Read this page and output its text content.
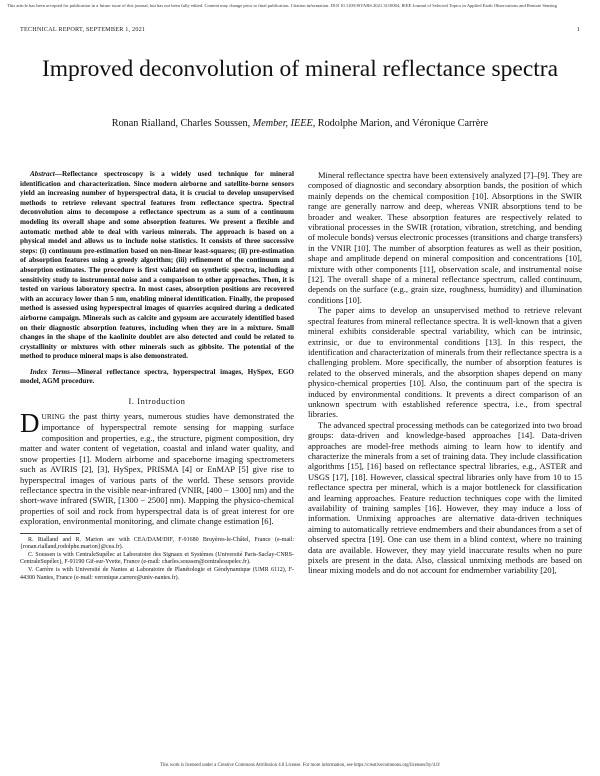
This article has been accepted for publication in a future issue of this journal, but has not been fully edited. Content may change prior to final publication. Citation information: DOI 10.1109/JSTARS.2021.3110004, IEEE Journal of Selected Topics in Applied Earth Observations and Remote Sensing
TECHNICAL REPORT, SEPTEMBER 1, 2021	1
Improved deconvolution of mineral reflectance spectra
Ronan Rialland, Charles Soussen, Member, IEEE, Rodolphe Marion, and Véronique Carrère

Abstract—Reflectance spectroscopy is a widely used technique for mineral identification and characterization. Since modern airborne and satellite-borne sensors yield an increasing number of hyperspectral data, it is crucial to develop unsupervised methods to retrieve relevant spectral features from reflectance spectra. Spectral deconvolution aims to decompose a reflectance spectrum as a sum of a continuum modeling its overall shape and some absorption features. We present a flexible and automatic method able to deal with various minerals. The approach is based on a physical model and allows us to include noise statistics. It consists of three successive steps: (i) continuum pre-estimation based on non-linear least-squares; (ii) pre-estimation of absorption features using a greedy algorithm; (iii) refinement of the continuum and absorption estimates. The procedure is first validated on synthetic spectra, including a sensitivity study to instrumental noise and a comparison to other approaches. Then, it is tested on various laboratory spectra. In most cases, absorption positions are recovered with an accuracy lower than 5 nm, enabling mineral identification. Finally, the proposed method is assessed using hyperspectral images of quarries acquired during a dedicated airborne campaign. Minerals such as calcite and gypsum are accurately identified based on their diagnostic absorption features, including when they are in a mixture. Small changes in the shape of the kaolinite doublet are also detected and could be related to crystallinity or mixtures with other minerals such as gibbsite. The potential of the method to produce mineral maps is also demonstrated.

Index Terms—Mineral reflectance spectra, hyperspectral images, HySpex, EGO model, AGM procedure.

I. Introduction

DURING the past thirty years, numerous studies have demonstrated the importance of hyperspectral remote sensing for mapping surface composition and properties, e.g., the structure, pigment composition, dry matter and water content of vegetation, coastal and inland water quality, and snow properties [1]. Modern airborne and spaceborne imaging spectrometers such as AVIRIS [2], [3], HySpex, PRISMA [4] or EnMAP [5] give rise to hyperspectral images of various parts of the world. These sensors provide reflectance spectra in the visible near-infrared (VNIR, [400 − 1300] nm) and the short-wave infrared (SWIR, [1300 − 2500] nm). Mapping the physico-chemical properties of soil and rock from hyperspectral data is of great interest for ore exploration, environmental monitoring, and climate change estimation [6].

R. Rialland and R. Marion are with CEA/DAM/DIF, F-91680 Bruyères-le-Châtel, France (e-mail: {ronan.rialland,rodolphe.marion}@cea.fr).

C. Soussen is with CentraleSupélec at Laboratoire des Signaux et Systèmes (Université Paris-Saclay-CNRS-CentraleSupélec), F-91190 Gif-sur-Yvette, France (e-mail: charles.soussen@centralesupelec.fr).

V. Carrère is with Université de Nantes at Laboratoire de Planétologie et Géodynamique (UMR 6112), F-44300 Nantes, France (e-mail: veronique.carrere@univ-nantes.fr).

Mineral reflectance spectra have been extensively analyzed [7]–[9]. They are composed of diagnostic and secondary absorption bands, the position of which mainly depends on the chemical composition [10]. Absorptions in the SWIR range are generally narrow and deep, whereas VNIR absorptions tend to be broader and weaker. These absorption features are respectively related to vibrational processes in the SWIR (rotation, vibration, stretching, and bending of molecule bonds) versus electronic processes (transitions and charge transfers) in the VNIR [10]. The number of absorption features as well as their position, shape and amplitude depend on mineral composition and concentrations [10], mixture with other components [11], observation scale, and instrumental noise [12]. The overall shape of a mineral reflectance spectrum, called continuum, depends on the surface (e.g., grain size, roughness, humidity) and illumination conditions [10].

The paper aims to develop an unsupervised method to retrieve relevant spectral features from mineral reflectance spectra. It is well-known that a given mineral exhibits considerable spectral variability, which can be intrinsic, extrinsic, or due to environmental conditions [13]. In this respect, the identification and characterization of minerals from their reflectance spectra is a challenging problem. More specifically, the number of absorption features is related to the observed minerals, and the absorption shapes depend on many physico-chemical properties [10]. Also, the continuum part of the spectra is induced by environmental conditions. It prevents a direct comparison of an unknown spectrum with established reference spectra, i.e., from spectral libraries.

The advanced spectral processing methods can be categorized into two broad groups: data-driven and knowledge-based approaches [14]. Data-driven approaches are model-free methods aiming to learn how to identify and characterize the minerals from a set of training data. They include classification algorithms [15], [16] based on reflectance spectral libraries, e.g., ASTER and USGS [17], [18]. However, classical spectral libraries only have from 10 to 15 reflectance spectra per mineral, which is a major bottleneck for classification and learning approaches. Feature reduction techniques cope with the limited availability of training samples [16]. However, they may induce a loss of information. Unmixing approaches are alternative data-driven techniques aiming to automatically retrieve endmembers and their abundances from a set of observed spectra [19]. One can use them in a blind context, where no training data are available. However, they may yield inaccurate results when no pure pixels are present in the data. Also, classical unmixing methods are based on linear mixing models and do not account for endmember variability [20],

This work is licensed under a Creative Commons Attribution 4.0 License. For more information, see https://creativecommons.org/licenses/by/4.0/
